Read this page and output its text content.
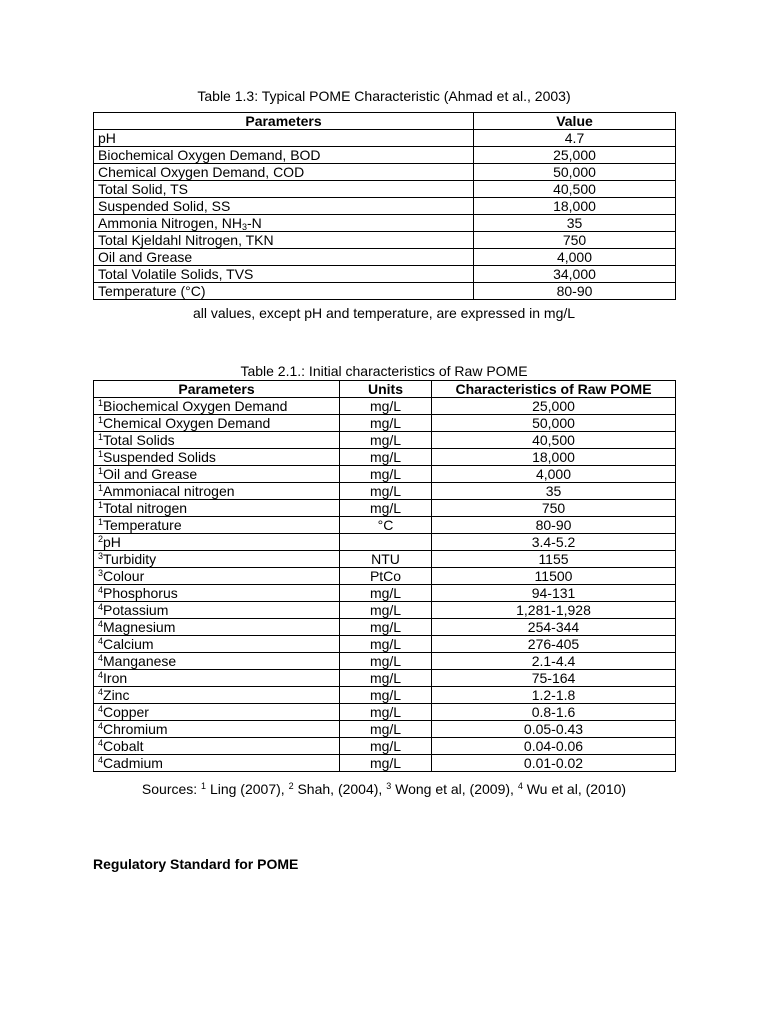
Table 1.3: Typical POME Characteristic (Ahmad et al., 2003)
Parameters	Value
pH	4.7
Biochemical Oxygen Demand, BOD	25,000
Chemical Oxygen Demand, COD	50,000
Total Solid, TS	40,500
Suspended Solid, SS	18,000
Ammonia Nitrogen, $NH_3-N$	35
Total Kjeldahl Nitrogen, TKN	750
Oil and Grease	4,000
Total Volatile Solids, TVS	34,000
Temperature (°C)	80-90
all values, except pH and temperature, are expressed in mg/L
Table 2.1.: Initial characteristics of Raw POME
Parameters	Units	Characteristics of Raw POME
$^1$Biochemical Oxygen Demand	mg/L	25,000
$^1$Chemical Oxygen Demand	mg/L	50,000
$^1$Total Solids	mg/L	40,500
$^1$Suspended Solids	mg/L	18,000
$^1$Oil and Grease	mg/L	4,000
$^1$Ammoniacal nitrogen	mg/L	35
$^1$Total nitrogen	mg/L	750
$^1$Temperature	°C	80-90
$^2$pH		3.4-5.2
$^3$Turbidity	NTU	1155
$^3$Colour	PtCo	11500
$^4$Phosphorus	mg/L	94-131
$^4$Potassium	mg/L	1,281-1,928
$^4$Magnesium	mg/L	254-344
$^4$Calcium	mg/L	276-405
$^4$Manganese	mg/L	2.1-4.4
$^4$Iron	mg/L	75-164
$^4$Zinc	mg/L	1.2-1.8
$^4$Copper	mg/L	0.8-1.6
$^4$Chromium	mg/L	0.05-0.43
$^4$Cobalt	mg/L	0.04-0.06
$^4$Cadmium	mg/L	0.01-0.02
Sources: $^1$ Ling (2007), $^2$ Shah, (2004), $^3$ Wong et al, (2009), $^4$ Wu et al, (2010)
Regulatory Standard for POME
